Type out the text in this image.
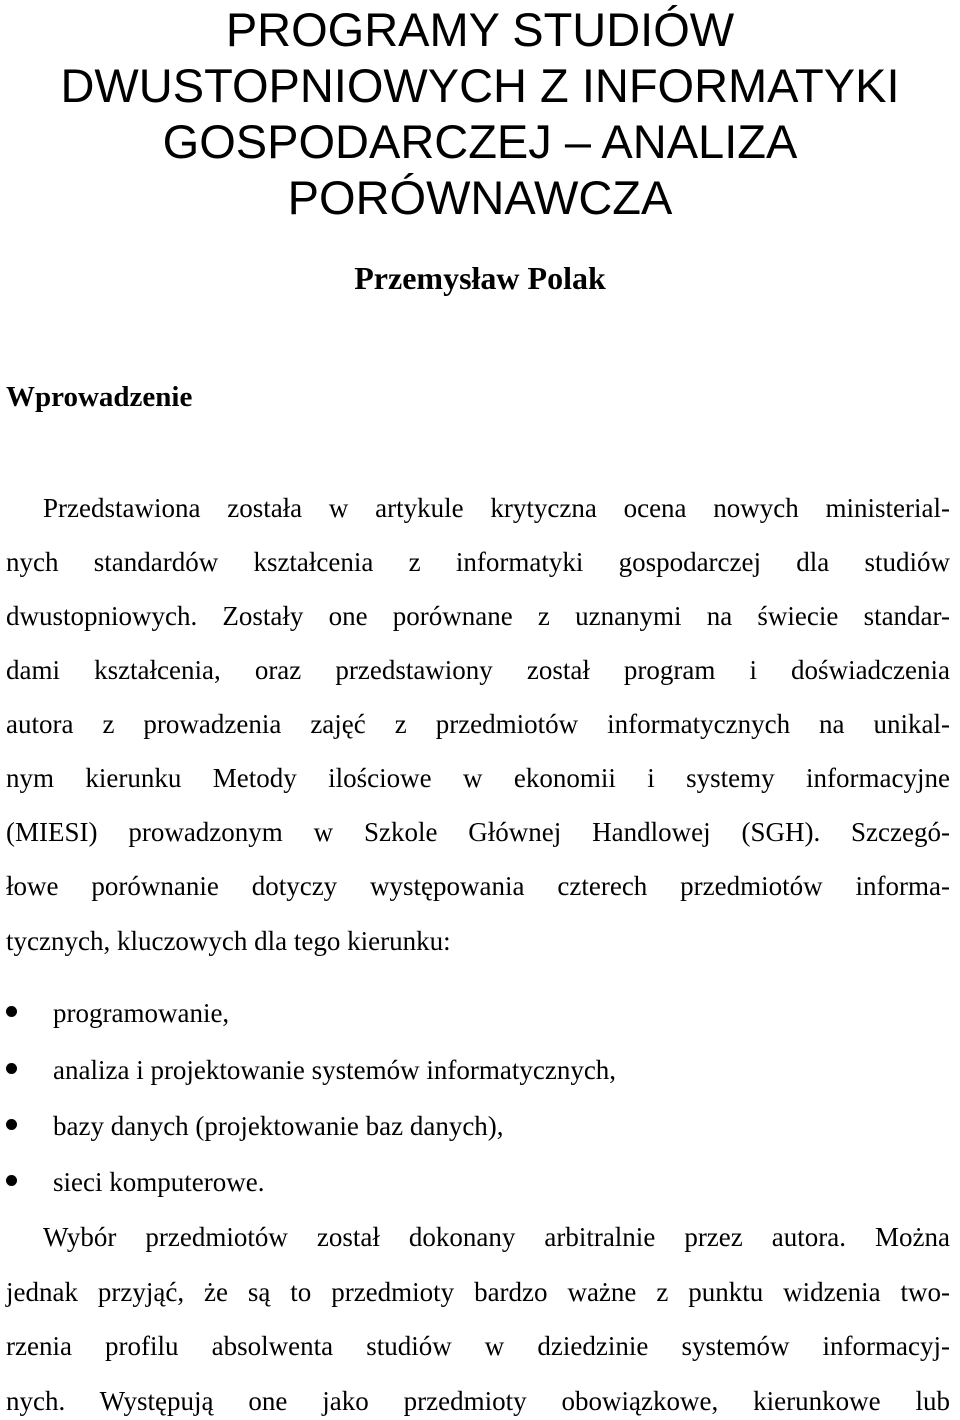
PROGRAMY STUDIÓW
DWUSTOPNIOWYCH Z INFORMATYKI
GOSPODARCZEJ – ANALIZA
PORÓWNAWCZA
Przemysław Polak
Wprowadzenie
Przedstawiona została w artykule krytyczna ocena nowych ministerial-
nych standardów kształcenia z informatyki gospodarczej dla studiów
dwustopniowych. Zostały one porównane z uznanymi na świecie standar-
dami kształcenia, oraz przedstawiony został program i doświadczenia
autora z prowadzenia zajęć z przedmiotów informatycznych na unikal-
nym kierunku Metody ilościowe w ekonomii i systemy informacyjne
(MIESI) prowadzonym w Szkole Głównej Handlowej (SGH). Szczegó-
łowe porównanie dotyczy występowania czterech przedmiotów informa-
tycznych, kluczowych dla tego kierunku:
programowanie,
analiza i projektowanie systemów informatycznych,
bazy danych (projektowanie baz danych),
sieci komputerowe.
Wybór przedmiotów został dokonany arbitralnie przez autora. Można
jednak przyjąć, że są to przedmioty bardzo ważne z punktu widzenia two-
rzenia profilu absolwenta studiów w dziedzinie systemów informacyj-
nych. Występują one jako przedmioty obowiązkowe, kierunkowe lub
